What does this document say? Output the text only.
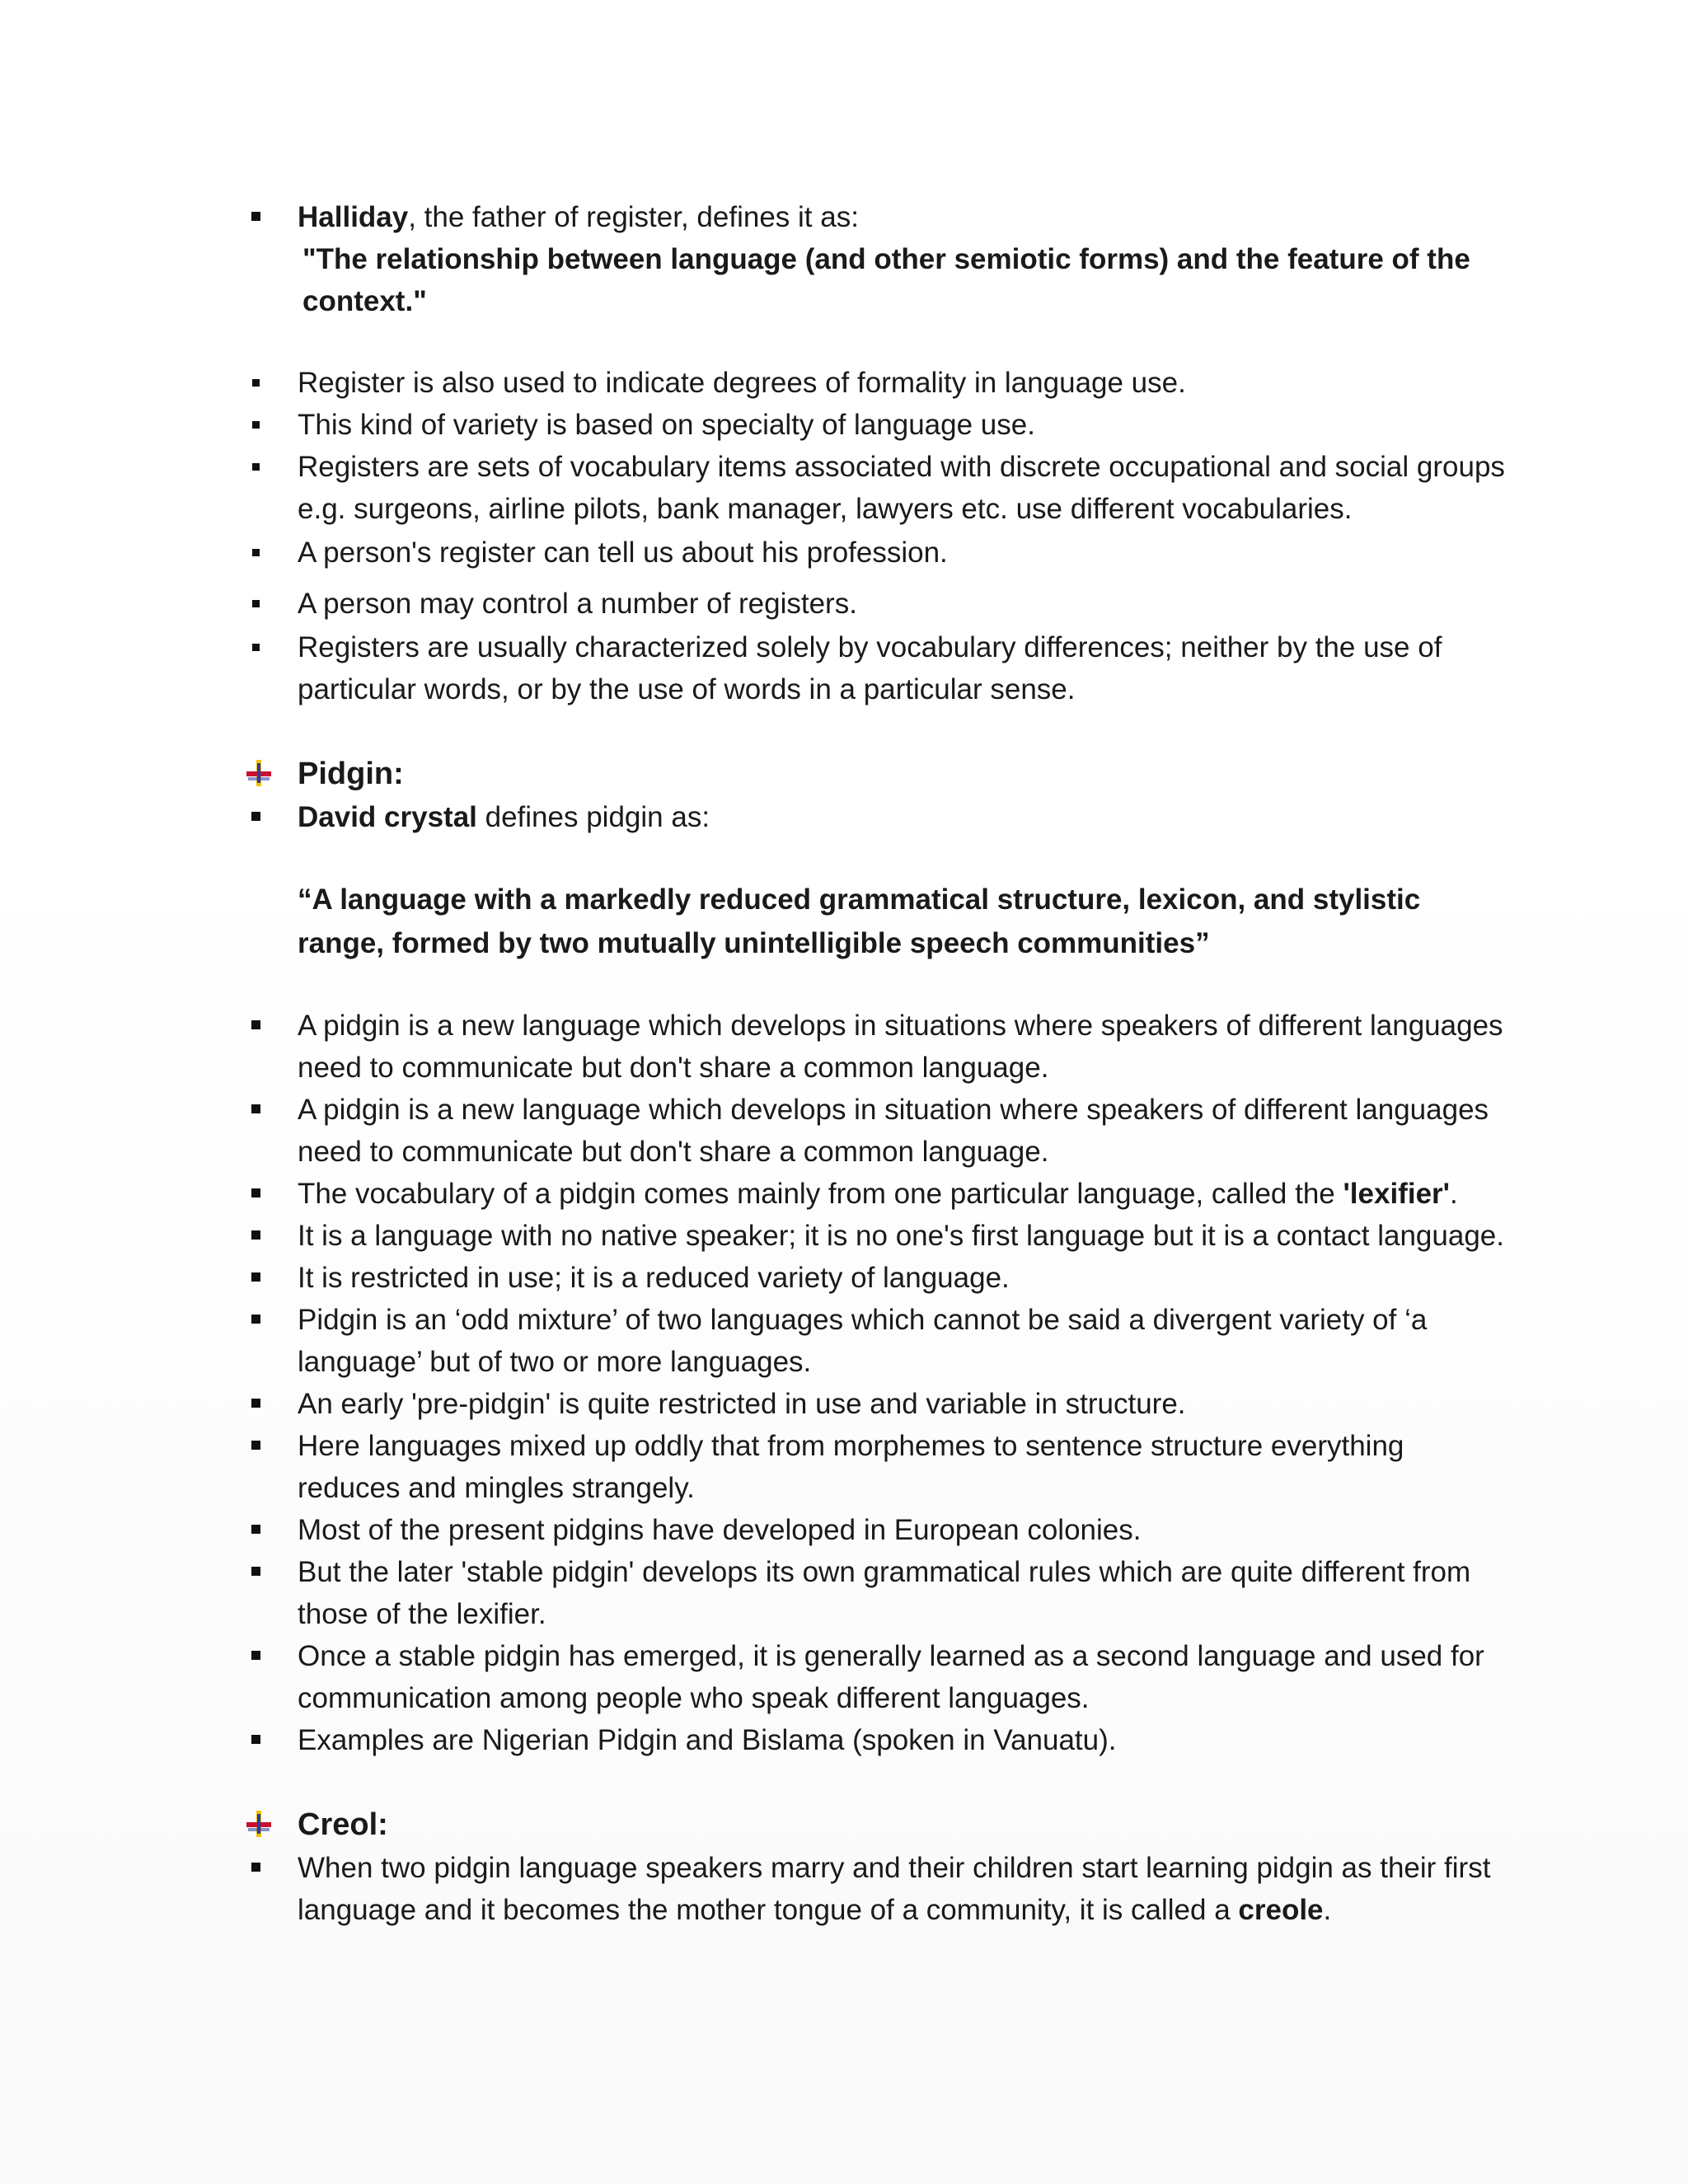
Halliday, the father of register, defines it as:
"The relationship between language (and other semiotic forms) and the feature of the context."
Register is also used to indicate degrees of formality in language use.
This kind of variety is based on specialty of language use.
Registers are sets of vocabulary items associated with discrete occupational and social groups e.g. surgeons, airline pilots, bank manager, lawyers etc. use different vocabularies.
A person's register can tell us about his profession.
A person may control a number of registers.
Registers are usually characterized solely by vocabulary differences; neither by the use of particular words, or by the use of words in a particular sense.
Pidgin:
David crystal defines pidgin as:
“A language with a markedly reduced grammatical structure, lexicon, and stylistic range, formed by two mutually unintelligible speech communities”
A pidgin is a new language which develops in situations where speakers of different languages need to communicate but don't share a common language.
A pidgin is a new language which develops in situation where speakers of different languages need to communicate but don't share a common language.
The vocabulary of a pidgin comes mainly from one particular language, called the 'lexifier'.
It is a language with no native speaker; it is no one's first language but it is a contact language.
It is restricted in use; it is a reduced variety of language.
Pidgin is an ‘odd mixture’ of two languages which cannot be said a divergent variety of ‘a language’ but of two or more languages.
An early 'pre-pidgin' is quite restricted in use and variable in structure.
Here languages mixed up oddly that from morphemes to sentence structure everything reduces and mingles strangely.
Most of the present pidgins have developed in European colonies.
But the later 'stable pidgin' develops its own grammatical rules which are quite different from those of the lexifier.
Once a stable pidgin has emerged, it is generally learned as a second language and used for communication among people who speak different languages.
Examples are Nigerian Pidgin and Bislama (spoken in Vanuatu).
Creol:
When two pidgin language speakers marry and their children start learning pidgin as their first language and it becomes the mother tongue of a community, it is called a creole.
